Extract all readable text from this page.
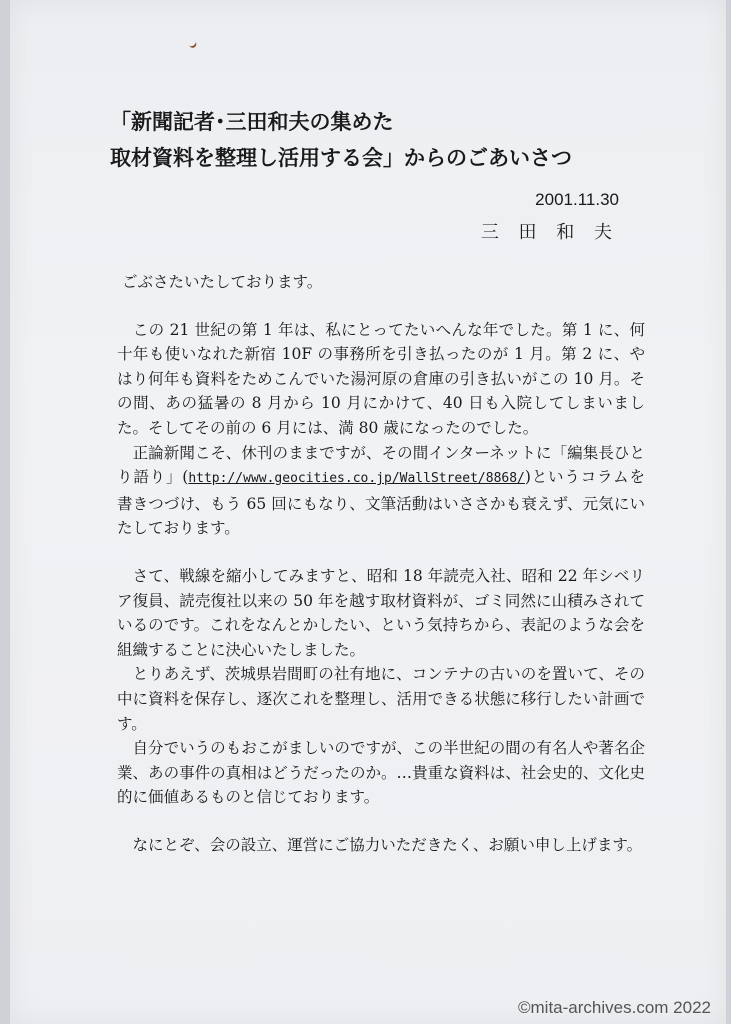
「新聞記者･三田和夫の集めた
取材資料を整理し活用する会」からのごあいさつ
2001.11.30
三 田 和 夫

ごぶさたいたしております。

　この 21 世紀の第 1 年は、私にとってたいへんな年でした。第 1 に、何十年も使いなれた新宿 10F の事務所を引き払ったのが 1 月。第 2 に、やはり何年も資料をためこんでいた湯河原の倉庫の引き払いがこの 10 月。その間、あの猛暑の 8 月から 10 月にかけて、40 日も入院してしまいました。そしてその前の 6 月には、満 80 歳になったのでした。

　正論新聞こそ、休刊のままですが、その間インターネットに「編集長ひとり語り」(http://www.geocities.co.jp/WallStreet/8868/)というコラムを書きつづけ、もう 65 回にもなり、文筆活動はいささかも衰えず、元気にいたしております。

　さて、戦線を縮小してみますと、昭和 18 年読売入社、昭和 22 年シベリア復員、読売復社以来の 50 年を越す取材資料が、ゴミ同然に山積みされているのです。これをなんとかしたい、という気持ちから、表記のような会を組織することに決心いたしました。

　とりあえず、茨城県岩間町の社有地に、コンテナの古いのを置いて、その中に資料を保存し、逐次これを整理し、活用できる状態に移行したい計画です。

　自分でいうのもおこがましいのですが、この半世紀の間の有名人や著名企業、あの事件の真相はどうだったのか。…貴重な資料は、社会史的、文化史的に価値あるものと信じております。

　なにとぞ、会の設立、運営にご協力いただきたく、お願い申し上げます。

©mita-archives.com 2022
